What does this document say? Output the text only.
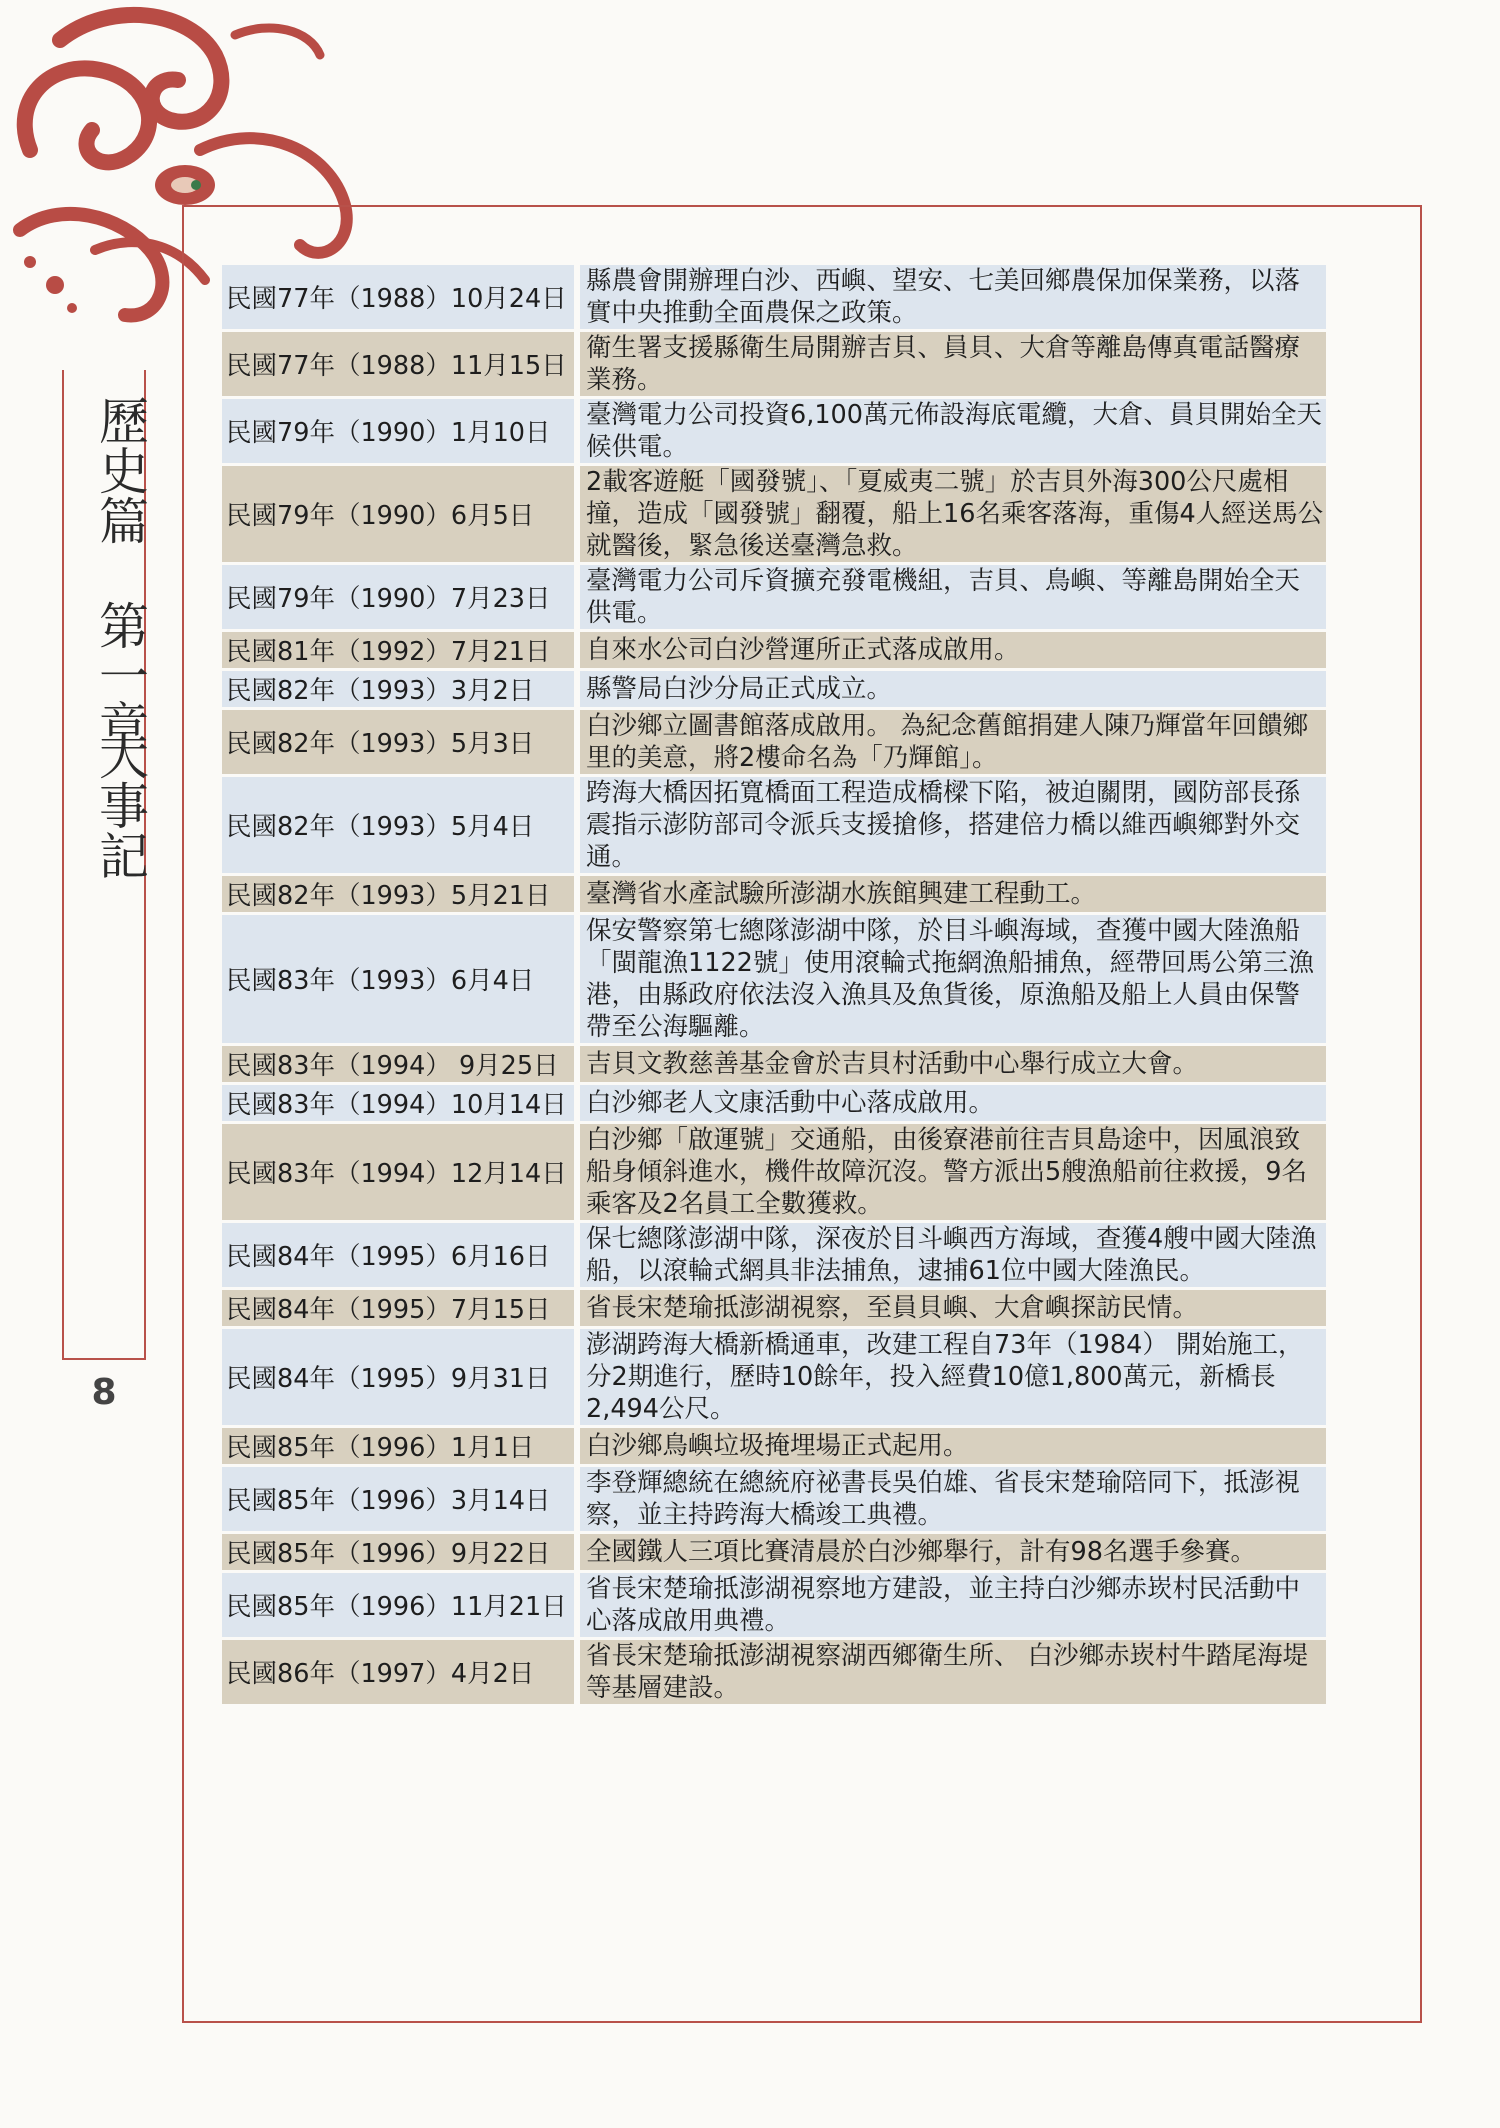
歷史篇
第一章
大事記
8
民國77年（1988）10月24日		縣農會開辦理白沙、西嶼、望安、七美回鄉農保加保業務，以落實中央推動全面農保之政策。
民國77年（1988）11月15日		衛生署支援縣衛生局開辦吉貝、員貝、大倉等離島傳真電話醫療業務。
民國79年（1990）1月10日		臺灣電力公司投資6,100萬元佈設海底電纜，大倉、員貝開始全天候供電。
民國79年（1990）6月5日		2載客遊艇「國發號」、「夏威夷二號」於吉貝外海300公尺處相撞，造成「國發號」翻覆，船上16名乘客落海，重傷4人經送馬公就醫後，緊急後送臺灣急救。
民國79年（1990）7月23日		臺灣電力公司斥資擴充發電機組，吉貝、鳥嶼、等離島開始全天供電。
民國81年（1992）7月21日		自來水公司白沙營運所正式落成啟用。
民國82年（1993）3月2日		縣警局白沙分局正式成立。
民國82年（1993）5月3日		白沙鄉立圖書館落成啟用。 為紀念舊館捐建人陳乃輝當年回饋鄉里的美意，將2樓命名為「乃輝館」。
民國82年（1993）5月4日		跨海大橋因拓寬橋面工程造成橋樑下陷，被迫關閉，國防部長孫震指示澎防部司令派兵支援搶修，搭建倍力橋以維西嶼鄉對外交通。
民國82年（1993）5月21日		臺灣省水產試驗所澎湖水族館興建工程動工。
民國83年（1993）6月4日		保安警察第七總隊澎湖中隊，於目斗嶼海域，查獲中國大陸漁船「閩龍漁1122號」使用滾輪式拖網漁船捕魚，經帶回馬公第三漁港，由縣政府依法沒入漁具及魚貨後，原漁船及船上人員由保警帶至公海驅離。
民國83年（1994） 9月25日		吉貝文教慈善基金會於吉貝村活動中心舉行成立大會。
民國83年（1994）10月14日		白沙鄉老人文康活動中心落成啟用。
民國83年（1994）12月14日		白沙鄉「啟運號」交通船，由後寮港前往吉貝島途中，因風浪致船身傾斜進水，機件故障沉沒。警方派出5艘漁船前往救援，9名乘客及2名員工全數獲救。
民國84年（1995）6月16日		保七總隊澎湖中隊，深夜於目斗嶼西方海域，查獲4艘中國大陸漁船，以滾輪式網具非法捕魚，逮捕61位中國大陸漁民。
民國84年（1995）7月15日		省長宋楚瑜抵澎湖視察，至員貝嶼、大倉嶼探訪民情。
民國84年（1995）9月31日		澎湖跨海大橋新橋通車，改建工程自73年（1984） 開始施工，分2期進行，歷時10餘年，投入經費10億1,800萬元，新橋長2,494公尺。
民國85年（1996）1月1日		白沙鄉鳥嶼垃圾掩埋場正式起用。
民國85年（1996）3月14日		李登輝總統在總統府祕書長吳伯雄、省長宋楚瑜陪同下，抵澎視察，並主持跨海大橋竣工典禮。
民國85年（1996）9月22日		全國鐵人三項比賽清晨於白沙鄉舉行，計有98名選手參賽。
民國85年（1996）11月21日		省長宋楚瑜抵澎湖視察地方建設，並主持白沙鄉赤崁村民活動中心落成啟用典禮。
民國86年（1997）4月2日		省長宋楚瑜抵澎湖視察湖西鄉衛生所、 白沙鄉赤崁村牛踏尾海堤等基層建設。
